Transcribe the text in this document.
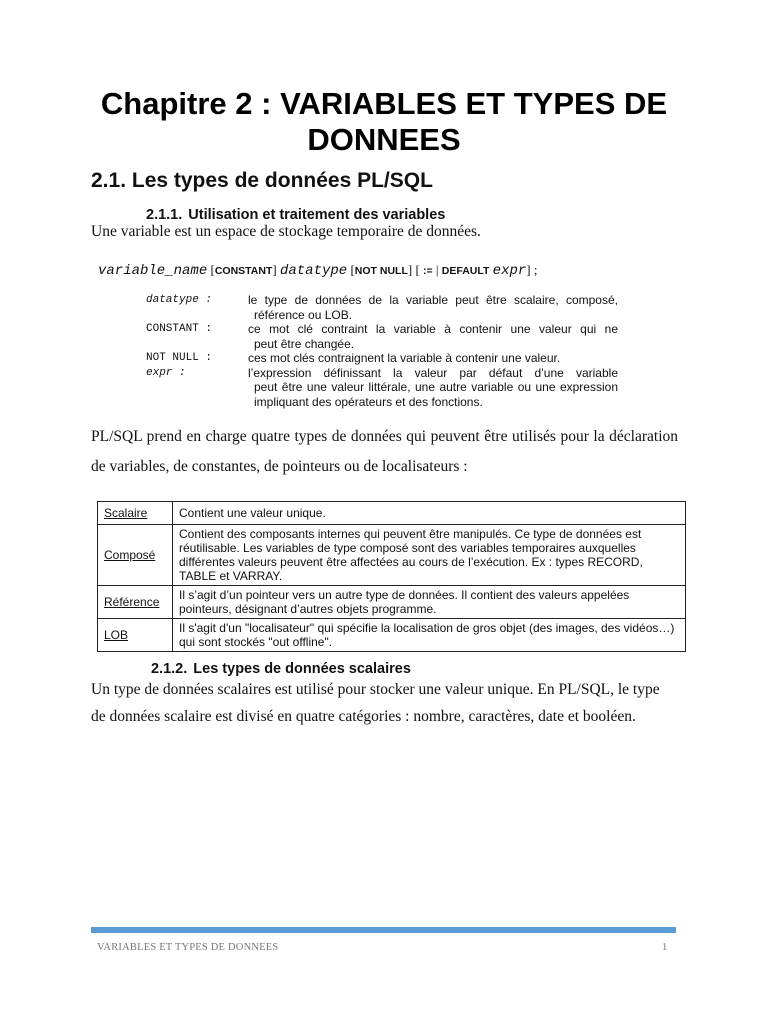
Chapitre 2 : VARIABLES ET TYPES DE
DONNEES
2.1. Les types de données PL/SQL
2.1.1. Utilisation et traitement des variables

Une variable est un espace de stockage temporaire de données.

variable_name [CONSTANT] datatype [NOT NULL] [ := | DEFAULT expr] ;

datatype :	le type de données de la variable peut être scalaire, composé,
référence ou LOB.
CONSTANT :	ce mot clé contraint la variable à contenir une valeur qui ne
peut être changée.
NOT NULL :	ces mot clés contraignent la variable à contenir une valeur.
expr :	l’expression définissant la valeur par défaut d’une variable
peut être une valeur littérale, une autre variable ou une expression impliquant des opérateurs et des fonctions.

PL/SQL prend en charge quatre types de données qui peuvent être utilisés pour la déclaration de variables, de constantes, de pointeurs ou de localisateurs :

Scalaire	Contient une valeur unique.
Composé	Contient des composants internes qui peuvent être manipulés. Ce type de données est réutilisable. Les variables de type composé sont des variables temporaires auxquelles différentes valeurs peuvent être affectées au cours de l’exécution. Ex : types RECORD, TABLE et VARRAY.
Référence	Il s’agit d’un pointeur vers un autre type de données. Il contient des valeurs appelées pointeurs, désignant d’autres objets programme.
LOB	Il s'agit d'un "localisateur" qui spécifie la localisation de gros objet (des images, des vidéos…) qui sont stockés "out offline".
2.1.2. Les types de données scalaires

Un type de données scalaires est utilisé pour stocker une valeur unique. En PL/SQL, le type de données scalaire est divisé en quatre catégories : nombre, caractères, date et booléen.

VARIABLES ET TYPES DE DONNEES	1
